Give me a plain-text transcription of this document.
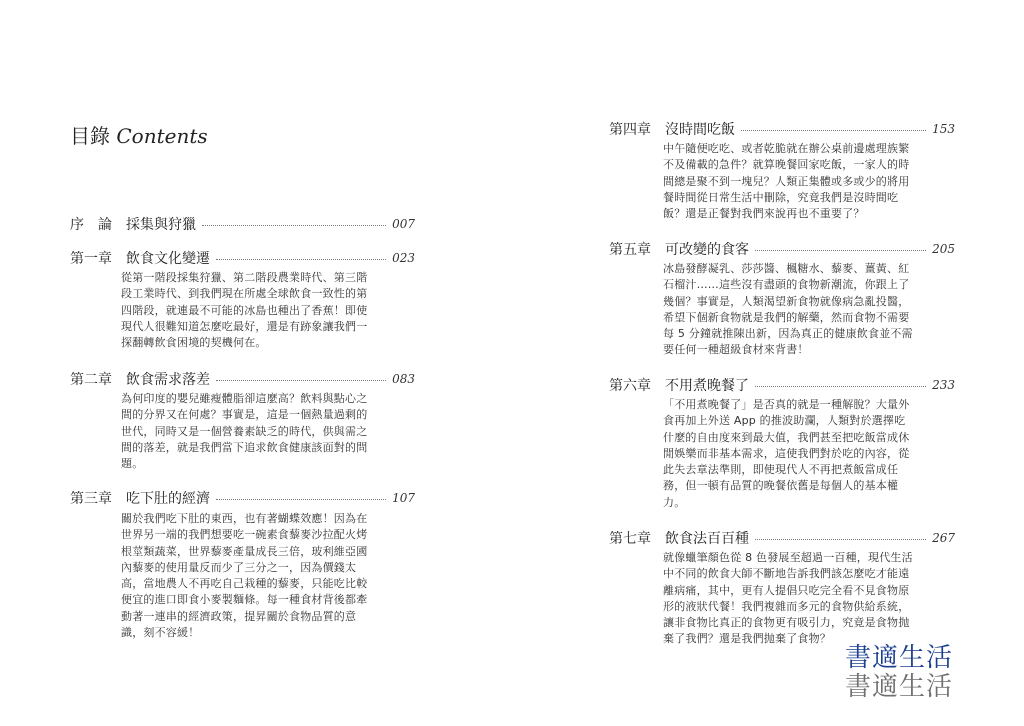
目錄 Contents
序　論 採集與狩獵	007
第一章 飲食文化變遷	023

從第一階段採集狩獵、第二階段農業時代、第三階
段工業時代、到我們現在所處全球飲食一致性的第
四階段，就連最不可能的冰島也種出了香蕉！即使
現代人很難知道怎麼吃最好，還是有跡象讓我們一
探翻轉飲食困境的契機何在。

第二章 飲食需求落差	083

為何印度的嬰兒雖瘦體脂卻這麼高？飲料與點心之
間的分界又在何處？事實是，這是一個熱量過剩的
世代，同時又是一個營養素缺乏的時代，供與需之
間的落差，就是我們當下追求飲食健康該面對的問
題。

第三章 吃下肚的經濟	107

關於我們吃下肚的東西，也有著蝴蝶效應！因為在
世界另一端的我們想要吃一碗素食藜麥沙拉配火烤
根莖類蔬菜，世界藜麥產量成長三倍，玻利維亞國
內藜麥的使用量反而少了三分之一，因為價錢太
高，當地農人不再吃自己栽種的藜麥，只能吃比較
便宜的進口即食小麥製麵條。每一種食材背後都牽
動著一連串的經濟政策，提昇關於食物品質的意
識，刻不容緩！

第四章 沒時間吃飯	153

中午隨便吃吃、或者乾脆就在辦公桌前邊處理族繁
不及備載的急件？就算晚餐回家吃飯，一家人的時
間總是聚不到一塊兒？人類正集體或多或少的將用
餐時間從日常生活中刪除，究竟我們是沒時間吃
飯？還是正餐對我們來說再也不重要了？

第五章 可改變的食客	205

冰島發酵凝乳、莎莎醬、楓糖水、藜麥、薑黃、紅
石榴汁……這些沒有盡頭的食物新潮流，你跟上了
幾個？事實是，人類渴望新食物就像病急亂投醫，
希望下個新食物就是我們的解藥，然而食物不需要
每 5 分鐘就推陳出新，因為真正的健康飲食並不需
要任何一種超級食材來背書！

第六章 不用煮晚餐了	233

「不用煮晚餐了」是否真的就是一種解脫？大量外
食再加上外送 App 的推波助瀾，人類對於選擇吃
什麼的自由度來到最大值，我們甚至把吃飯當成休
閒娛樂而非基本需求，這使我們對於吃的內容，從
此失去章法準則，即使現代人不再把煮飯當成任
務，但一頓有品質的晚餐依舊是每個人的基本權
力。

第七章 飲食法百百種	267

就像蠟筆顏色從 8 色發展至超過一百種，現代生活
中不同的飲食大師不斷地告訴我們該怎麼吃才能遠
離病痛，其中，更有人提倡只吃完全看不見食物原
形的液狀代餐！我們複雜而多元的食物供給系統，
讓非食物比真正的食物更有吸引力，究竟是食物抛
棄了我們？還是我們抛棄了食物？

書適生活
書適生活
